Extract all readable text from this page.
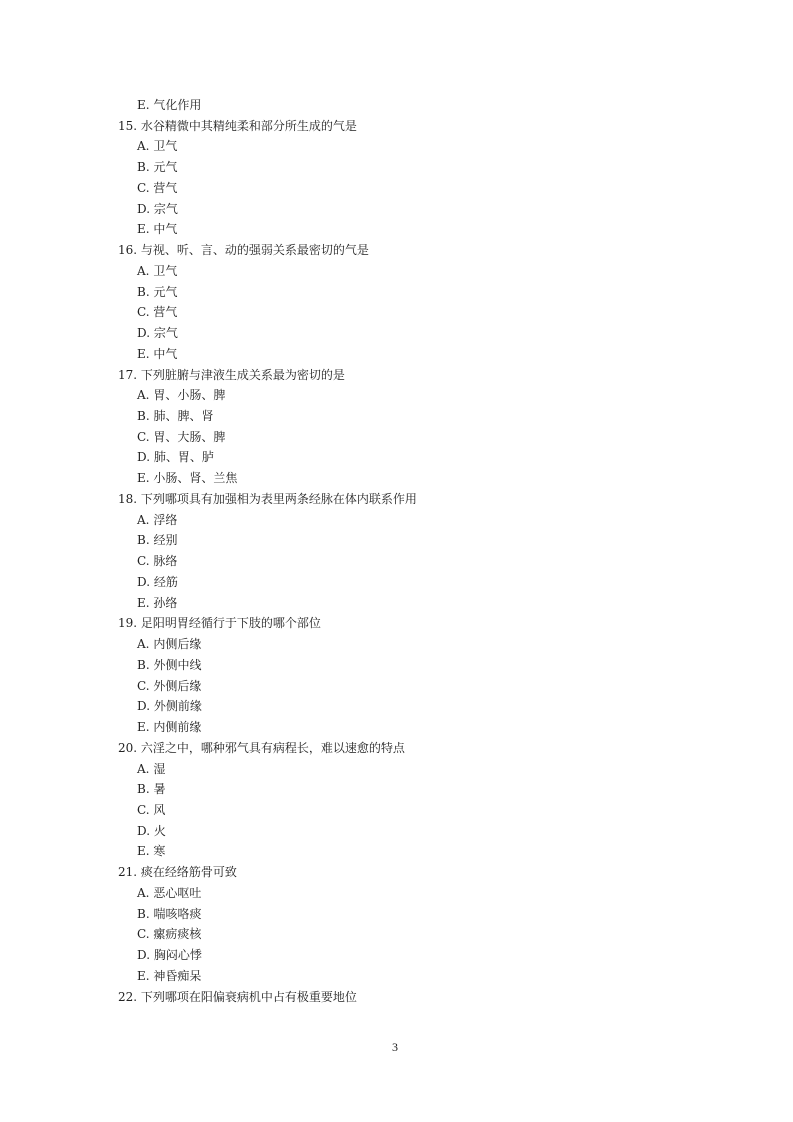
E. 气化作用
15. 水谷精微中其精纯柔和部分所生成的气是
A. 卫气
B. 元气
C. 营气
D. 宗气
E. 中气
16. 与视、听、言、动的强弱关系最密切的气是
A. 卫气
B. 元气
C. 营气
D. 宗气
E. 中气
17. 下列脏腑与津液生成关系最为密切的是
A. 胃、小肠、脾
B. 肺、脾、肾
C. 胃、大肠、脾
D. 肺、胃、胪
E. 小肠、肾、兰焦
18. 下列哪项具有加强相为表里两条经脉在体内联系作用
A. 浮络
B. 经别
C. 脉络
D. 经筋
E. 孙络
19. 足阳明胃经循行于下肢的哪个部位
A. 内侧后缘
B. 外侧中线
C. 外侧后缘
D. 外侧前缘
E. 内侧前缘
20. 六淫之中，哪种邪气具有病程长，难以速愈的特点
A. 湿
B. 暑
C. 风
D. 火
E. 寒
21. 痰在经络筋骨可致
A. 恶心呕吐
B. 喘咳咯痰
C. 瘰疬痰核
D. 胸闷心悸
E. 神昏痴呆
22. 下列哪项在阳偏衰病机中占有极重要地位
3
